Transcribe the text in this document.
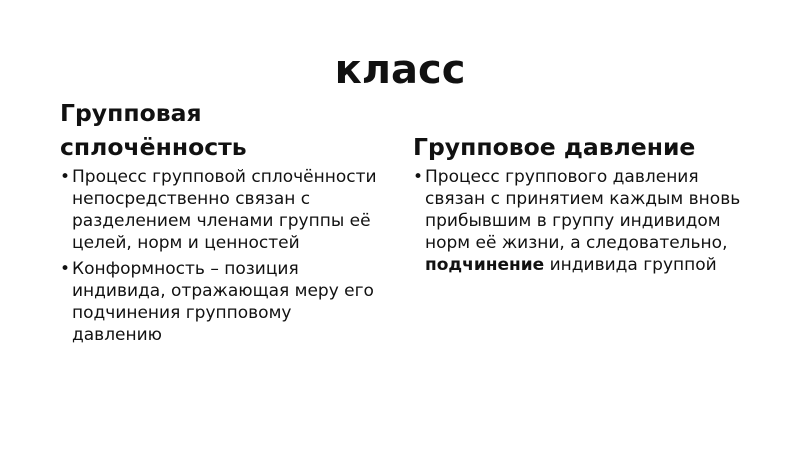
класс
Групповая
сплочённость
• Процесс групповой сплочённости непосредственно связан с разделением членами группы её целей, норм и ценностей
• Конформность – позиция индивида, отражающая меру его подчинения групповому давлению
Групповое давление
• Процесс группового давления связан с принятием каждым вновь прибывшим в группу индивидом норм её жизни, а следовательно, подчинение индивида группой
